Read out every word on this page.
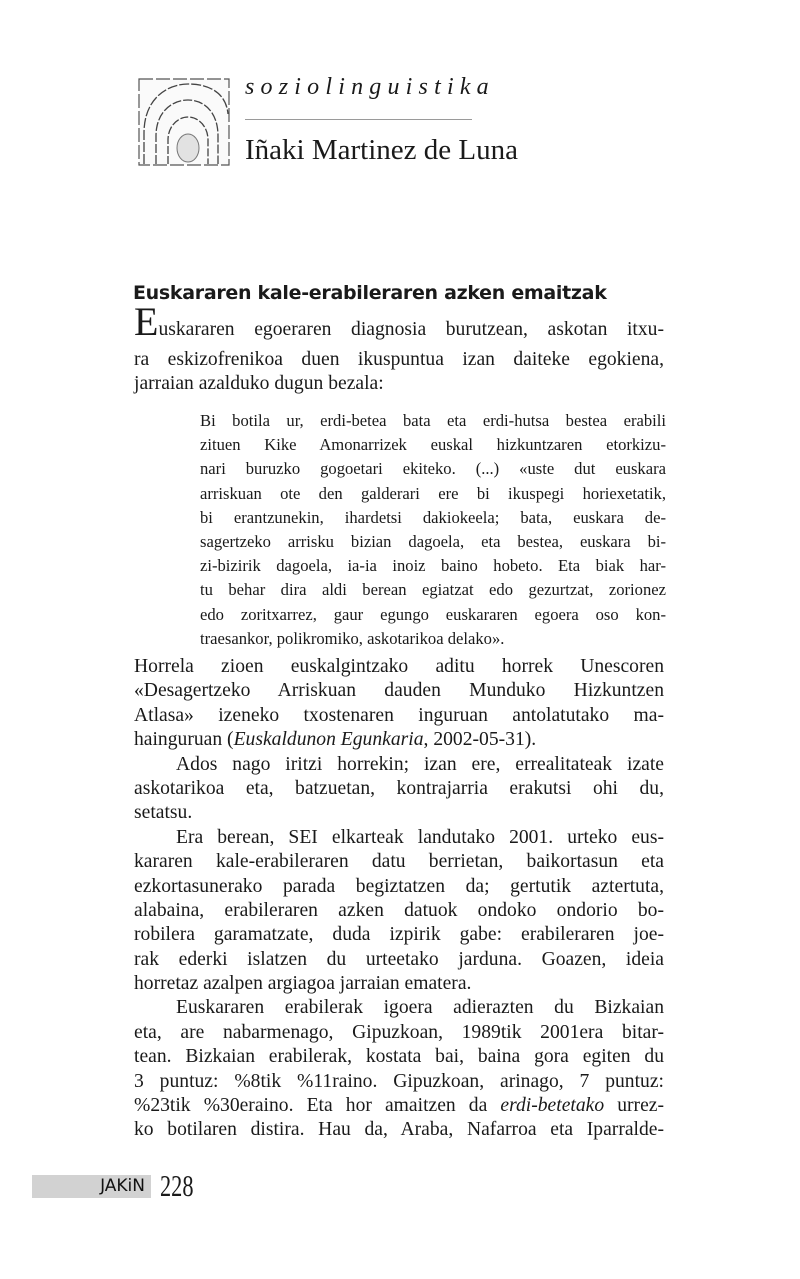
soziolinguistika
Iñaki Martinez de Luna
Euskararen kale-erabileraren azken emaitzak
Euskararen egoeraren diagnosia burutzean, askotan itxu-
ra eskizofrenikoa duen ikuspuntua izan daiteke egokiena,
jarraian azalduko dugun bezala:
Bi botila ur, erdi-betea bata eta erdi-hutsa bestea erabili
zituen Kike Amonarrizek euskal hizkuntzaren etorkizu-
nari buruzko gogoetari ekiteko. (...) «uste dut euskara
arriskuan ote den galderari ere bi ikuspegi horiexetatik,
bi erantzunekin, ihardetsi dakiokeela; bata, euskara de-
sagertzeko arrisku bizian dagoela, eta bestea, euskara bi-
zi-bizirik dagoela, ia-ia inoiz baino hobeto. Eta biak har-
tu behar dira aldi berean egiatzat edo gezurtzat, zorionez
edo zoritxarrez, gaur egungo euskararen egoera oso kon-
traesankor, polikromiko, askotarikoa delako».
Horrela zioen euskalgintzako aditu horrek Unescoren
«Desagertzeko Arriskuan dauden Munduko Hizkuntzen
Atlasa» izeneko txostenaren inguruan antolatutako ma-
hainguruan (Euskaldunon Egunkaria, 2002-05-31).
Ados nago iritzi horrekin; izan ere, errealitateak izate
askotarikoa eta, batzuetan, kontrajarria erakutsi ohi du,
setatsu.
Era berean, SEI elkarteak landutako 2001. urteko eus-
kararen kale-erabileraren datu berrietan, baikortasun eta
ezkortasunerako parada begiztatzen da; gertutik aztertuta,
alabaina, erabileraren azken datuok ondoko ondorio bo-
robilera garamatzate, duda izpirik gabe: erabileraren joe-
rak ederki islatzen du urteetako jarduna. Goazen, ideia
horretaz azalpen argiagoa jarraian ematera.
Euskararen erabilerak igoera adierazten du Bizkaian
eta, are nabarmenago, Gipuzkoan, 1989tik 2001era bitar-
tean. Bizkaian erabilerak, kostata bai, baina gora egiten du
3 puntuz: %8tik %11raino. Gipuzkoan, arinago, 7 puntuz:
%23tik %30eraino. Eta hor amaitzen da erdi-betetako urrez-
ko botilaren distira. Hau da, Araba, Nafarroa eta Iparralde-
JAKiN 228
